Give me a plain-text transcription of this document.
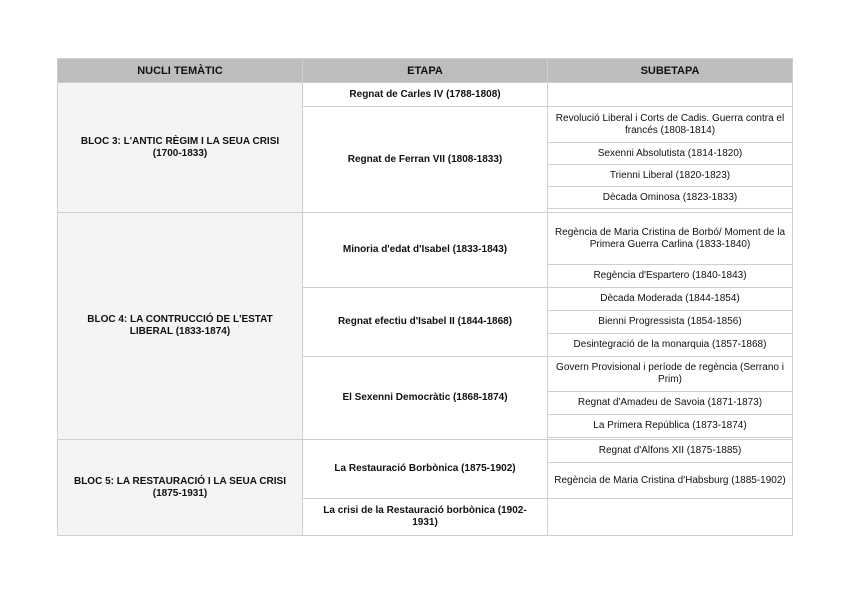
NUCLI TEMÀTIC	ETAPA	SUBETAPA
BLOC 3: L'ANTIC RÈGIM I LA SEUA CRISI (1700-1833)	Regnat de Carles IV (1788-1808)	
	Regnat de Ferran VII (1808-1833)	Revolució Liberal i Corts de Cadis. Guerra contra el francés (1808-1814)
		Sexenni Absolutista (1814-1820)
		Trienni Liberal (1820-1823)
		Dècada Ominosa (1823-1833)

BLOC 4: LA CONTRUCCIÓ DE L'ESTAT LIBERAL (1833-1874)	Minoria d'edat d'Isabel (1833-1843)	Regència de Maria Cristina de Borbó/ Moment de la Primera Guerra Carlina (1833-1840)
		Regència d'Espartero (1840-1843)
	Regnat efectiu d'Isabel II (1844-1868)	Dècada Moderada (1844-1854)
		Bienni Progressista (1854-1856)
		Desintegració de la monarquia (1857-1868)
	El Sexenni Democràtic (1868-1874)	Govern Provisional i període de regència (Serrano i Prim)
		Regnat d'Amadeu de Savoia (1871-1873)
		La Primera República (1873-1874)

BLOC 5: LA RESTAURACIÓ I LA SEUA CRISI (1875-1931)	La Restauració Borbònica (1875-1902)	Regnat d'Alfons XII (1875-1885)
		Regència de Maria Cristina d'Habsburg (1885-1902)
	La crisi de la Restauració borbònica (1902-1931)	
